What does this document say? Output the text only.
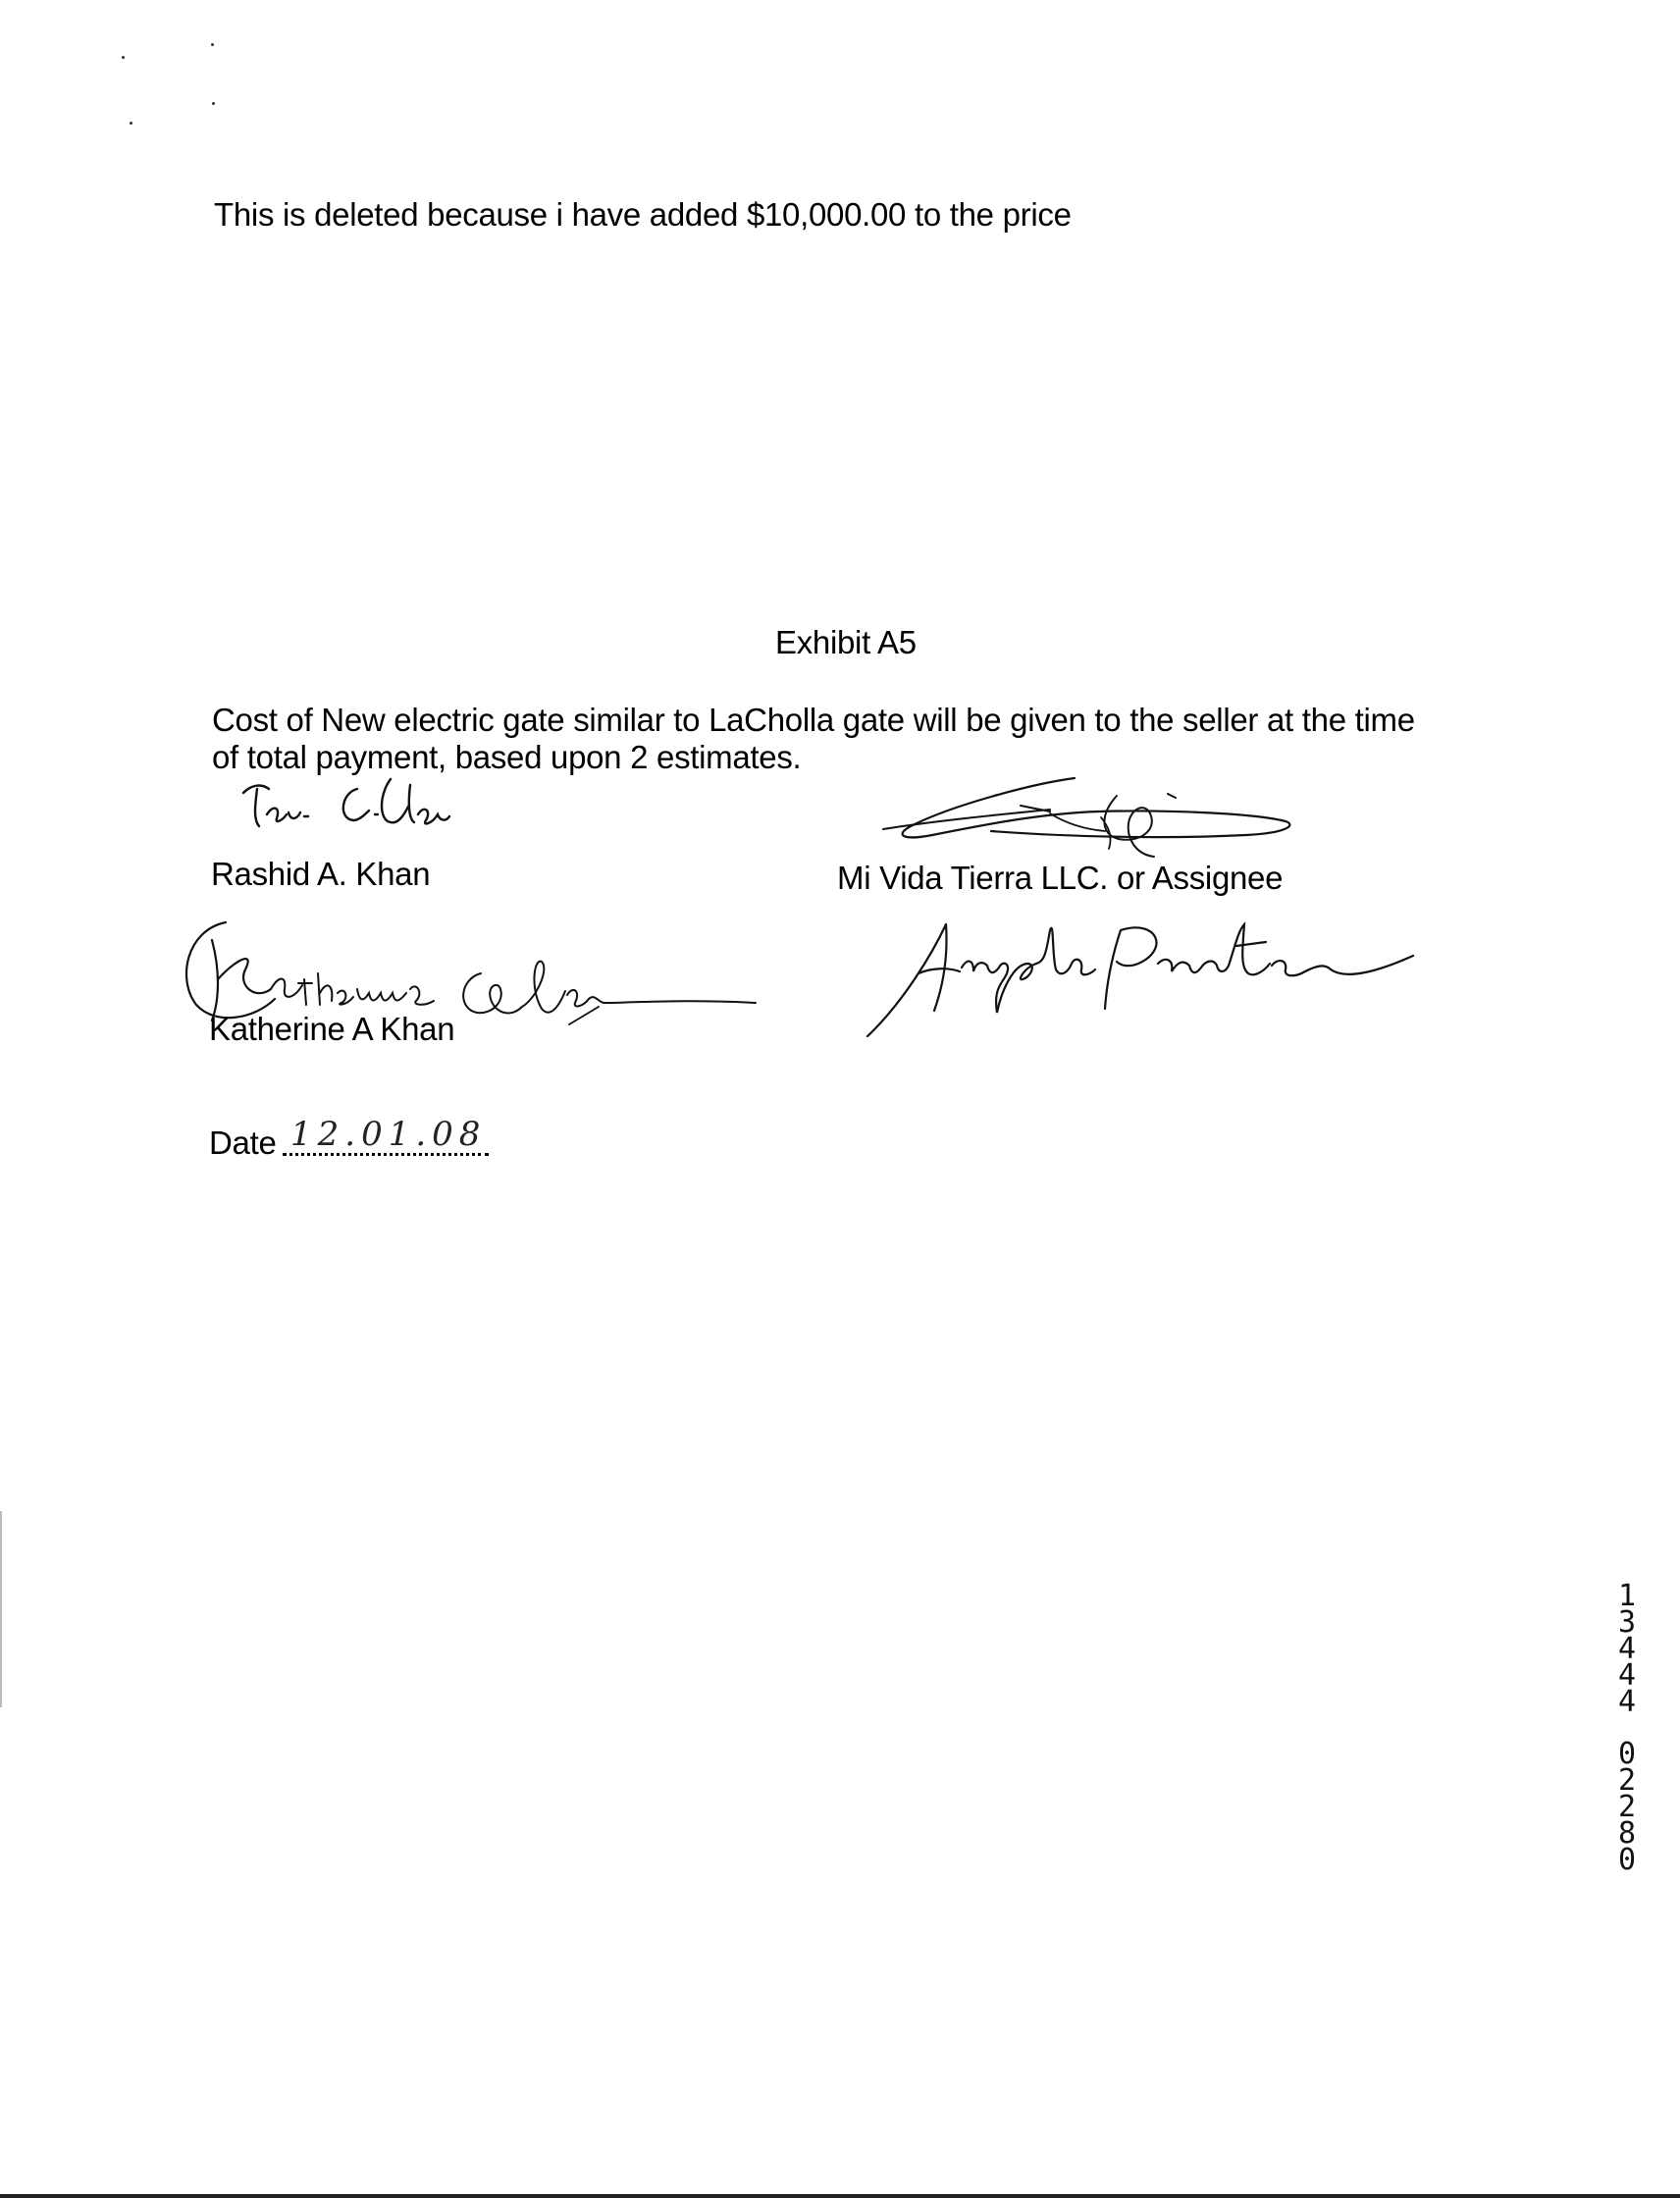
This is deleted because i have added $10,000.00 to the price
Exhibit A5
Cost of New electric gate similar to LaCholla gate will be given to the seller at the time
of total payment, based upon 2 estimates.
Rashid A. Khan	Mi Vida Tierra LLC. or Assignee
Katherine A Khan
Date 12.01.08
1
3
4
4
4
0
2
2
8
0
